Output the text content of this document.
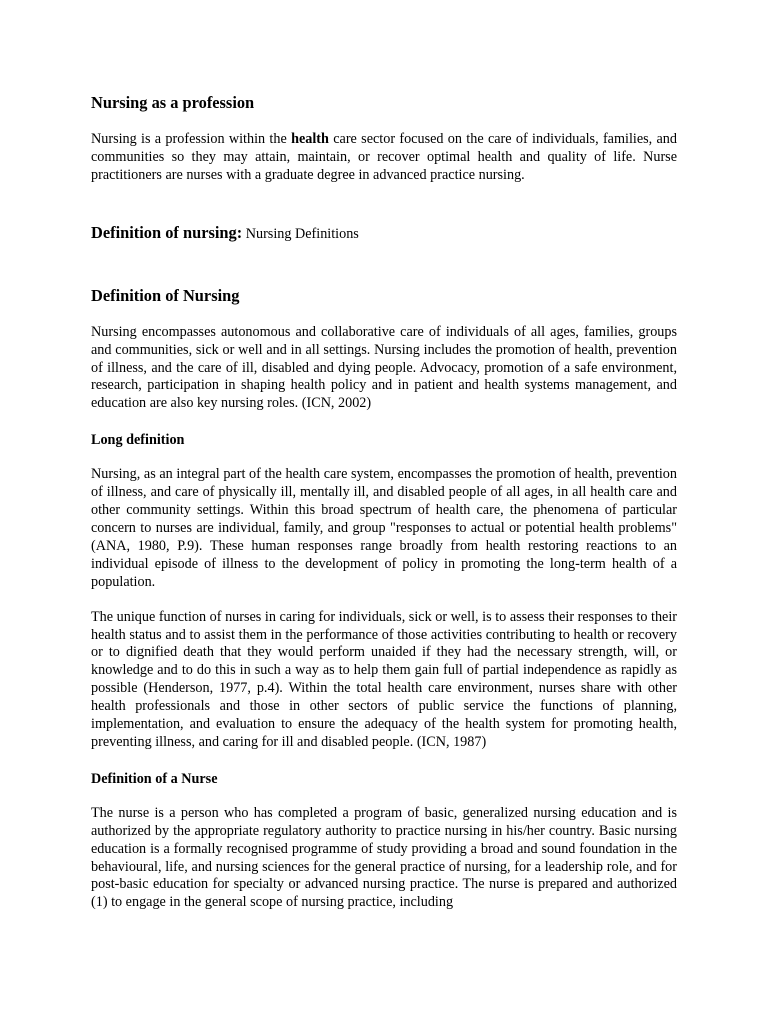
Nursing as a profession

Nursing is a profession within the health care sector focused on the care of individuals, families, and communities so they may attain, maintain, or recover optimal health and quality of life. Nurse practitioners are nurses with a graduate degree in advanced practice nursing.

Definition of nursing: Nursing Definitions
Definition of Nursing

Nursing encompasses autonomous and collaborative care of individuals of all ages, families, groups and communities, sick or well and in all settings. Nursing includes the promotion of health, prevention of illness, and the care of ill, disabled and dying people. Advocacy, promotion of a safe environment, research, participation in shaping health policy and in patient and health systems management, and education are also key nursing roles. (ICN, 2002)

Long definition

Nursing, as an integral part of the health care system, encompasses the promotion of health, prevention of illness, and care of physically ill, mentally ill, and disabled people of all ages, in all health care and other community settings. Within this broad spectrum of health care, the phenomena of particular concern to nurses are individual, family, and group "responses to actual or potential health problems" (ANA, 1980, P.9). These human responses range broadly from health restoring reactions to an individual episode of illness to the development of policy in promoting the long-term health of a population.

The unique function of nurses in caring for individuals, sick or well, is to assess their responses to their health status and to assist them in the performance of those activities contributing to health or recovery or to dignified death that they would perform unaided if they had the necessary strength, will, or knowledge and to do this in such a way as to help them gain full of partial independence as rapidly as possible (Henderson, 1977, p.4). Within the total health care environment, nurses share with other health professionals and those in other sectors of public service the functions of planning, implementation, and evaluation to ensure the adequacy of the health system for promoting health, preventing illness, and caring for ill and disabled people. (ICN, 1987)

Definition of a Nurse

The nurse is a person who has completed a program of basic, generalized nursing education and is authorized by the appropriate regulatory authority to practice nursing in his/her country. Basic nursing education is a formally recognised programme of study providing a broad and sound foundation in the behavioural, life, and nursing sciences for the general practice of nursing, for a leadership role, and for post-basic education for specialty or advanced nursing practice. The nurse is prepared and authorized (1) to engage in the general scope of nursing practice, including
